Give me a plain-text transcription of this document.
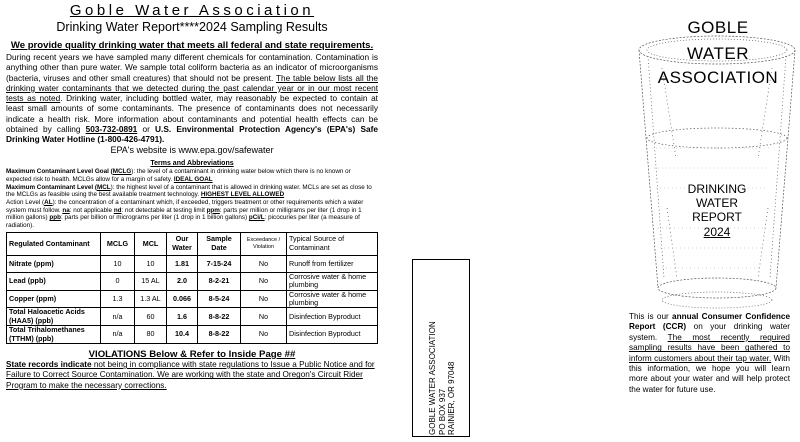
Goble Water Association
Drinking Water Report****2024 Sampling Results
We provide quality drinking water that meets all federal and state requirements.

During recent years we have sampled many different chemicals for contamination. Contamination is anything other than pure water. We sample total coliform bacteria as an indicator of microorganisms (bacteria, viruses and other small creatures) that should not be present. The table below lists all the drinking water contaminants that we detected during the past calendar year or in our most recent tests as noted. Drinking water, including bottled water, may reasonably be expected to contain at least small amounts of some contaminants. The presence of contaminants does not necessarily indicate a health risk. More information about contaminants and potential health effects can be obtained by calling 503-732-0891 or U.S. Environmental Protection Agency's (EPA's) Safe Drinking Water Hotline (1-800-426-4791).

EPA's website is www.epa.gov/safewater
Terms and Abbreviations

Maximum Contaminant Level Goal (MCLG): the level of a contaminant in drinking water below which there is no known or expected risk to health. MCLGs allow for a margin of safety. IDEAL GOAL

Maximum Contaminant Level (MCL): the highest level of a contaminant that is allowed in drinking water. MCLs are set as close to the MCLGs as feasible using the best available treatment technology. HIGHEST LEVEL ALLOWED

Action Level (AL): the concentration of a contaminant which, if exceeded, triggers treatment or other requirements which a water system must follow. na: not applicable nd: not detectable at testing limit ppm: parts per million or milligrams per liter (1 drop in 1 million gallons) ppb: parts per billion or micrograms per liter (1 drop in 1 billion gallons) pCi/L: picocuries per liter (a measure of radiation).

Regulated Contaminant	MCLG	MCL	Our Water	Sample Date	Exceedance / Violation	Typical Source of Contaminant
Nitrate (ppm)	10	10	1.81	7-15-24	No	Runoff from fertilizer
Lead (ppb)	0	15 AL	2.0	8-2-21	No	Corrosive water & home plumbing
Copper (ppm)	1.3	1.3 AL	0.066	8-5-24	No	Corrosive water & home plumbing
Total Haloacetic Acids (HAA5) (ppb)	n/a	60	1.6	8-8-22	No	Disinfection Byproduct
Total Trihalomethanes (TTHM) (ppb)	n/a	80	10.4	8-8-22	No	Disinfection Byproduct
VIOLATIONS Below & Refer to Inside Page ##

State records indicate not being in compliance with state regulations to Issue a Public Notice and for Failure to Correct Source Contamination. We are working with the state and Oregon's Circuit Rider Program to make the necessary corrections.	GOBLE WATER ASSOCIATION PO BOX 937 RAINIER, OR 97048
GOBLE
WATER
ASSOCIATION
DRINKING
WATER
REPORT
2024

This is our annual Consumer Confidence Report (CCR) on your drinking water system. The most recently required sampling results have been gathered to inform customers about their tap water. With this information, we hope you will learn more about your water and will help protect the water for future use.
